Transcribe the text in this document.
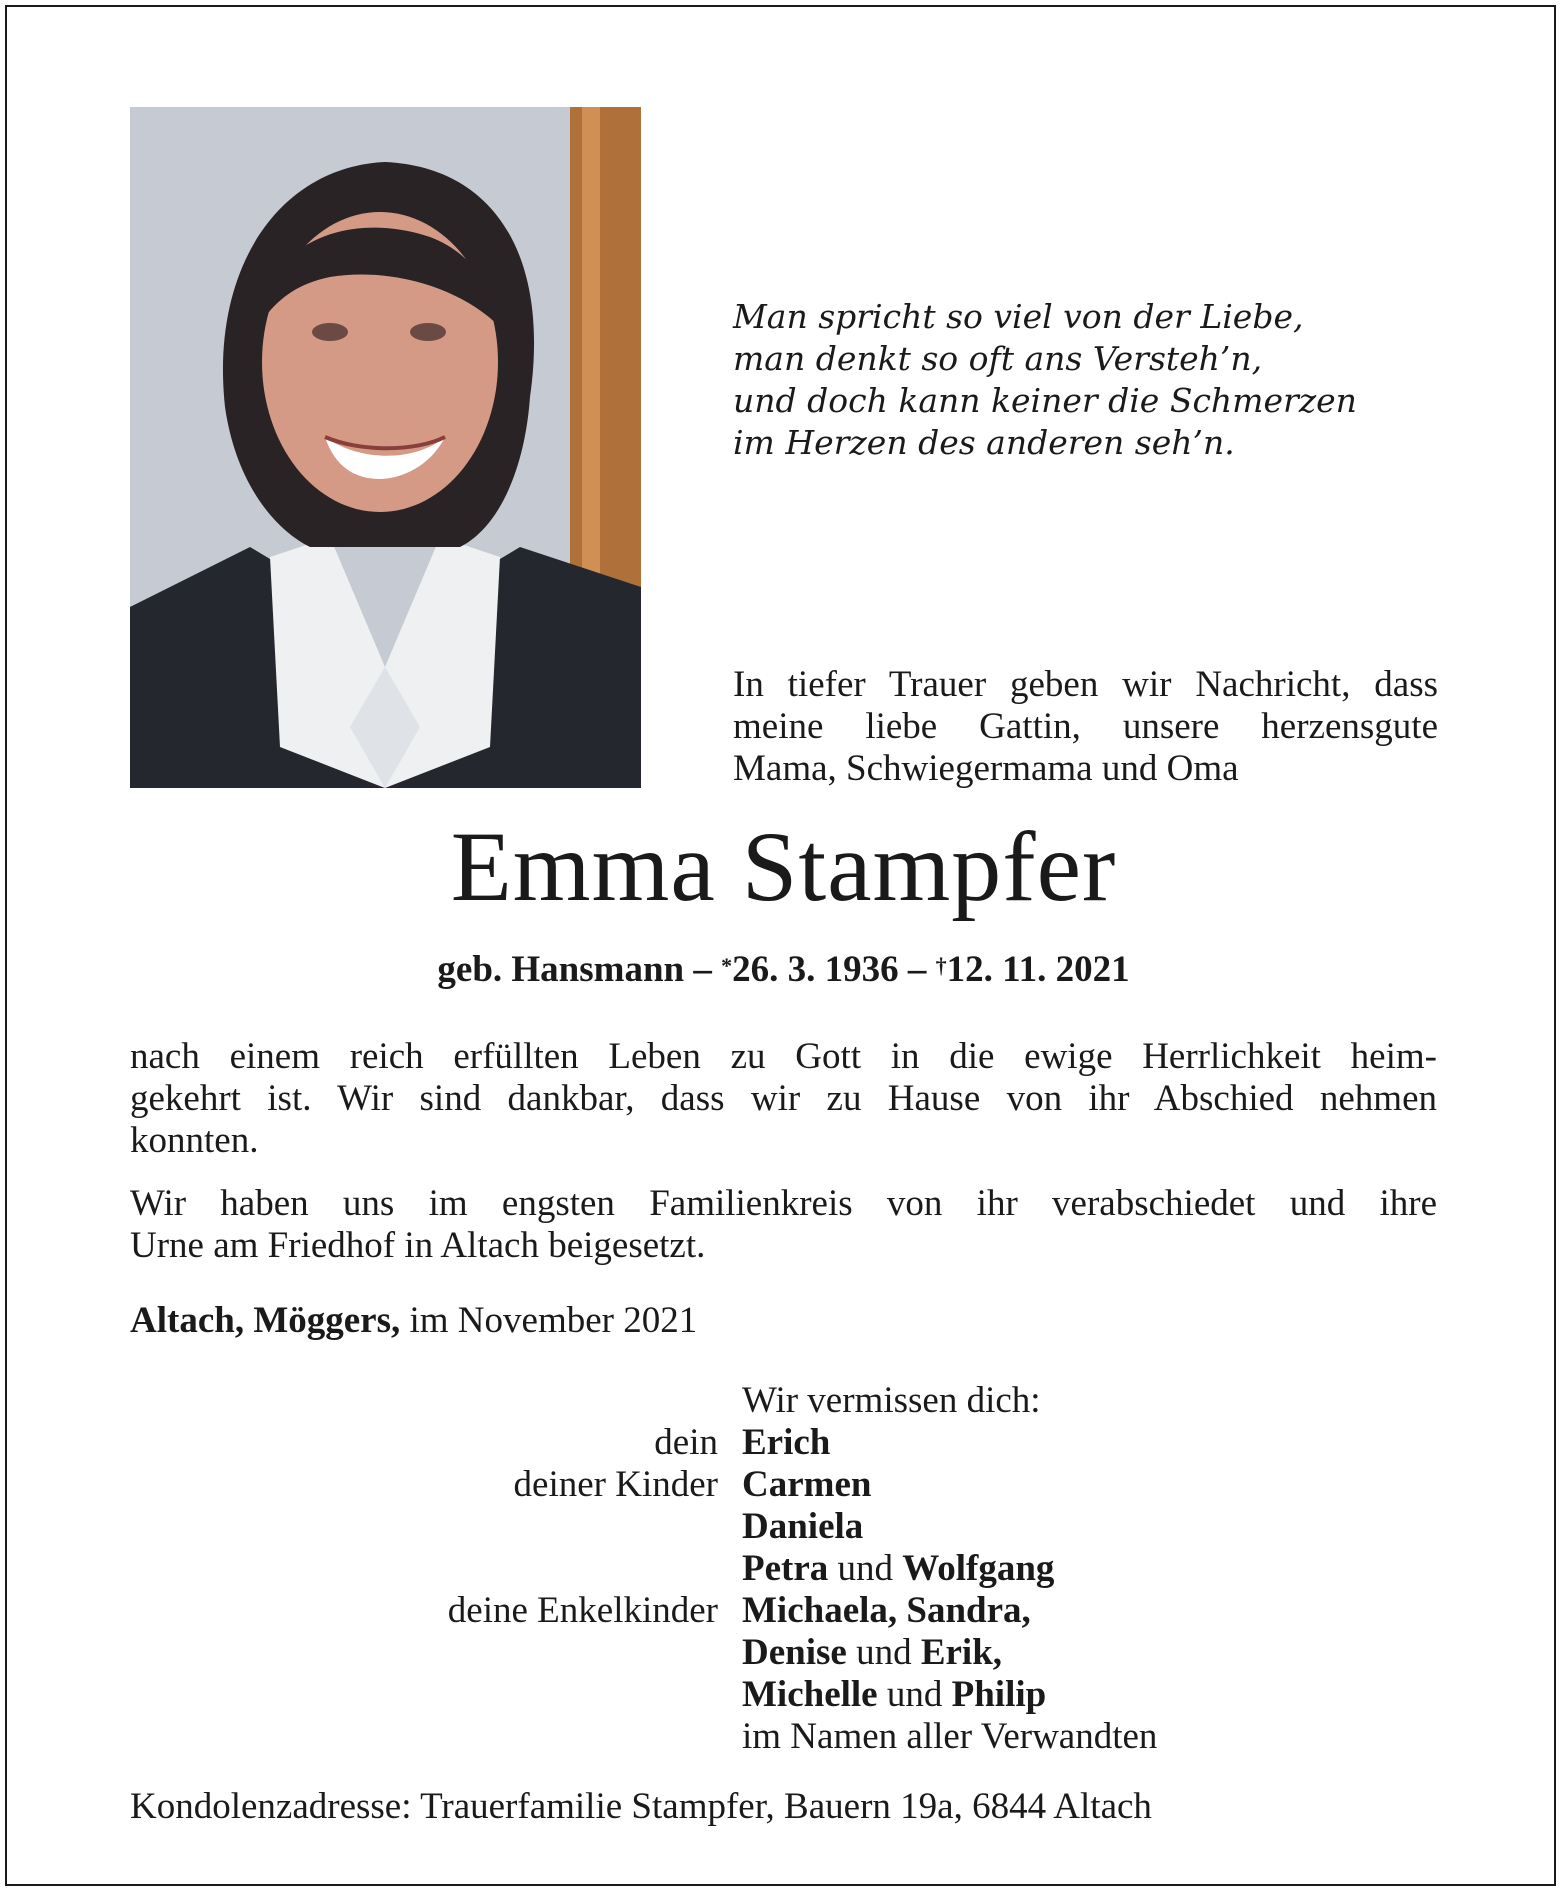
Man spricht so viel von der Liebe,
man denkt so oft ans Versteh’n,
und doch kann keiner die Schmerzen
im Herzen des anderen seh’n.
In tiefer Trauer geben wir Nachricht, dass
meine liebe Gattin, unsere herzensgute
Mama, Schwiegermama und Oma
Emma Stampfer
geb. Hansmann – *26. 3. 1936 – †12. 11. 2021
nach einem reich erfüllten Leben zu Gott in die ewige Herrlichkeit heim-
gekehrt ist. Wir sind dankbar, dass wir zu Hause von ihr Abschied nehmen
konnten.
Wir haben uns im engsten Familienkreis von ihr verabschiedet und ihre
Urne am Friedhof in Altach beigesetzt.
Altach, Möggers, im November 2021
Wir vermissen dich:
dein Erich
deiner Kinder Carmen
Daniela
Petra und Wolfgang
deine Enkelkinder Michaela, Sandra,
Denise und Erik,
Michelle und Philip
im Namen aller Verwandten
Kondolenzadresse: Trauerfamilie Stampfer, Bauern 19a, 6844 Altach
